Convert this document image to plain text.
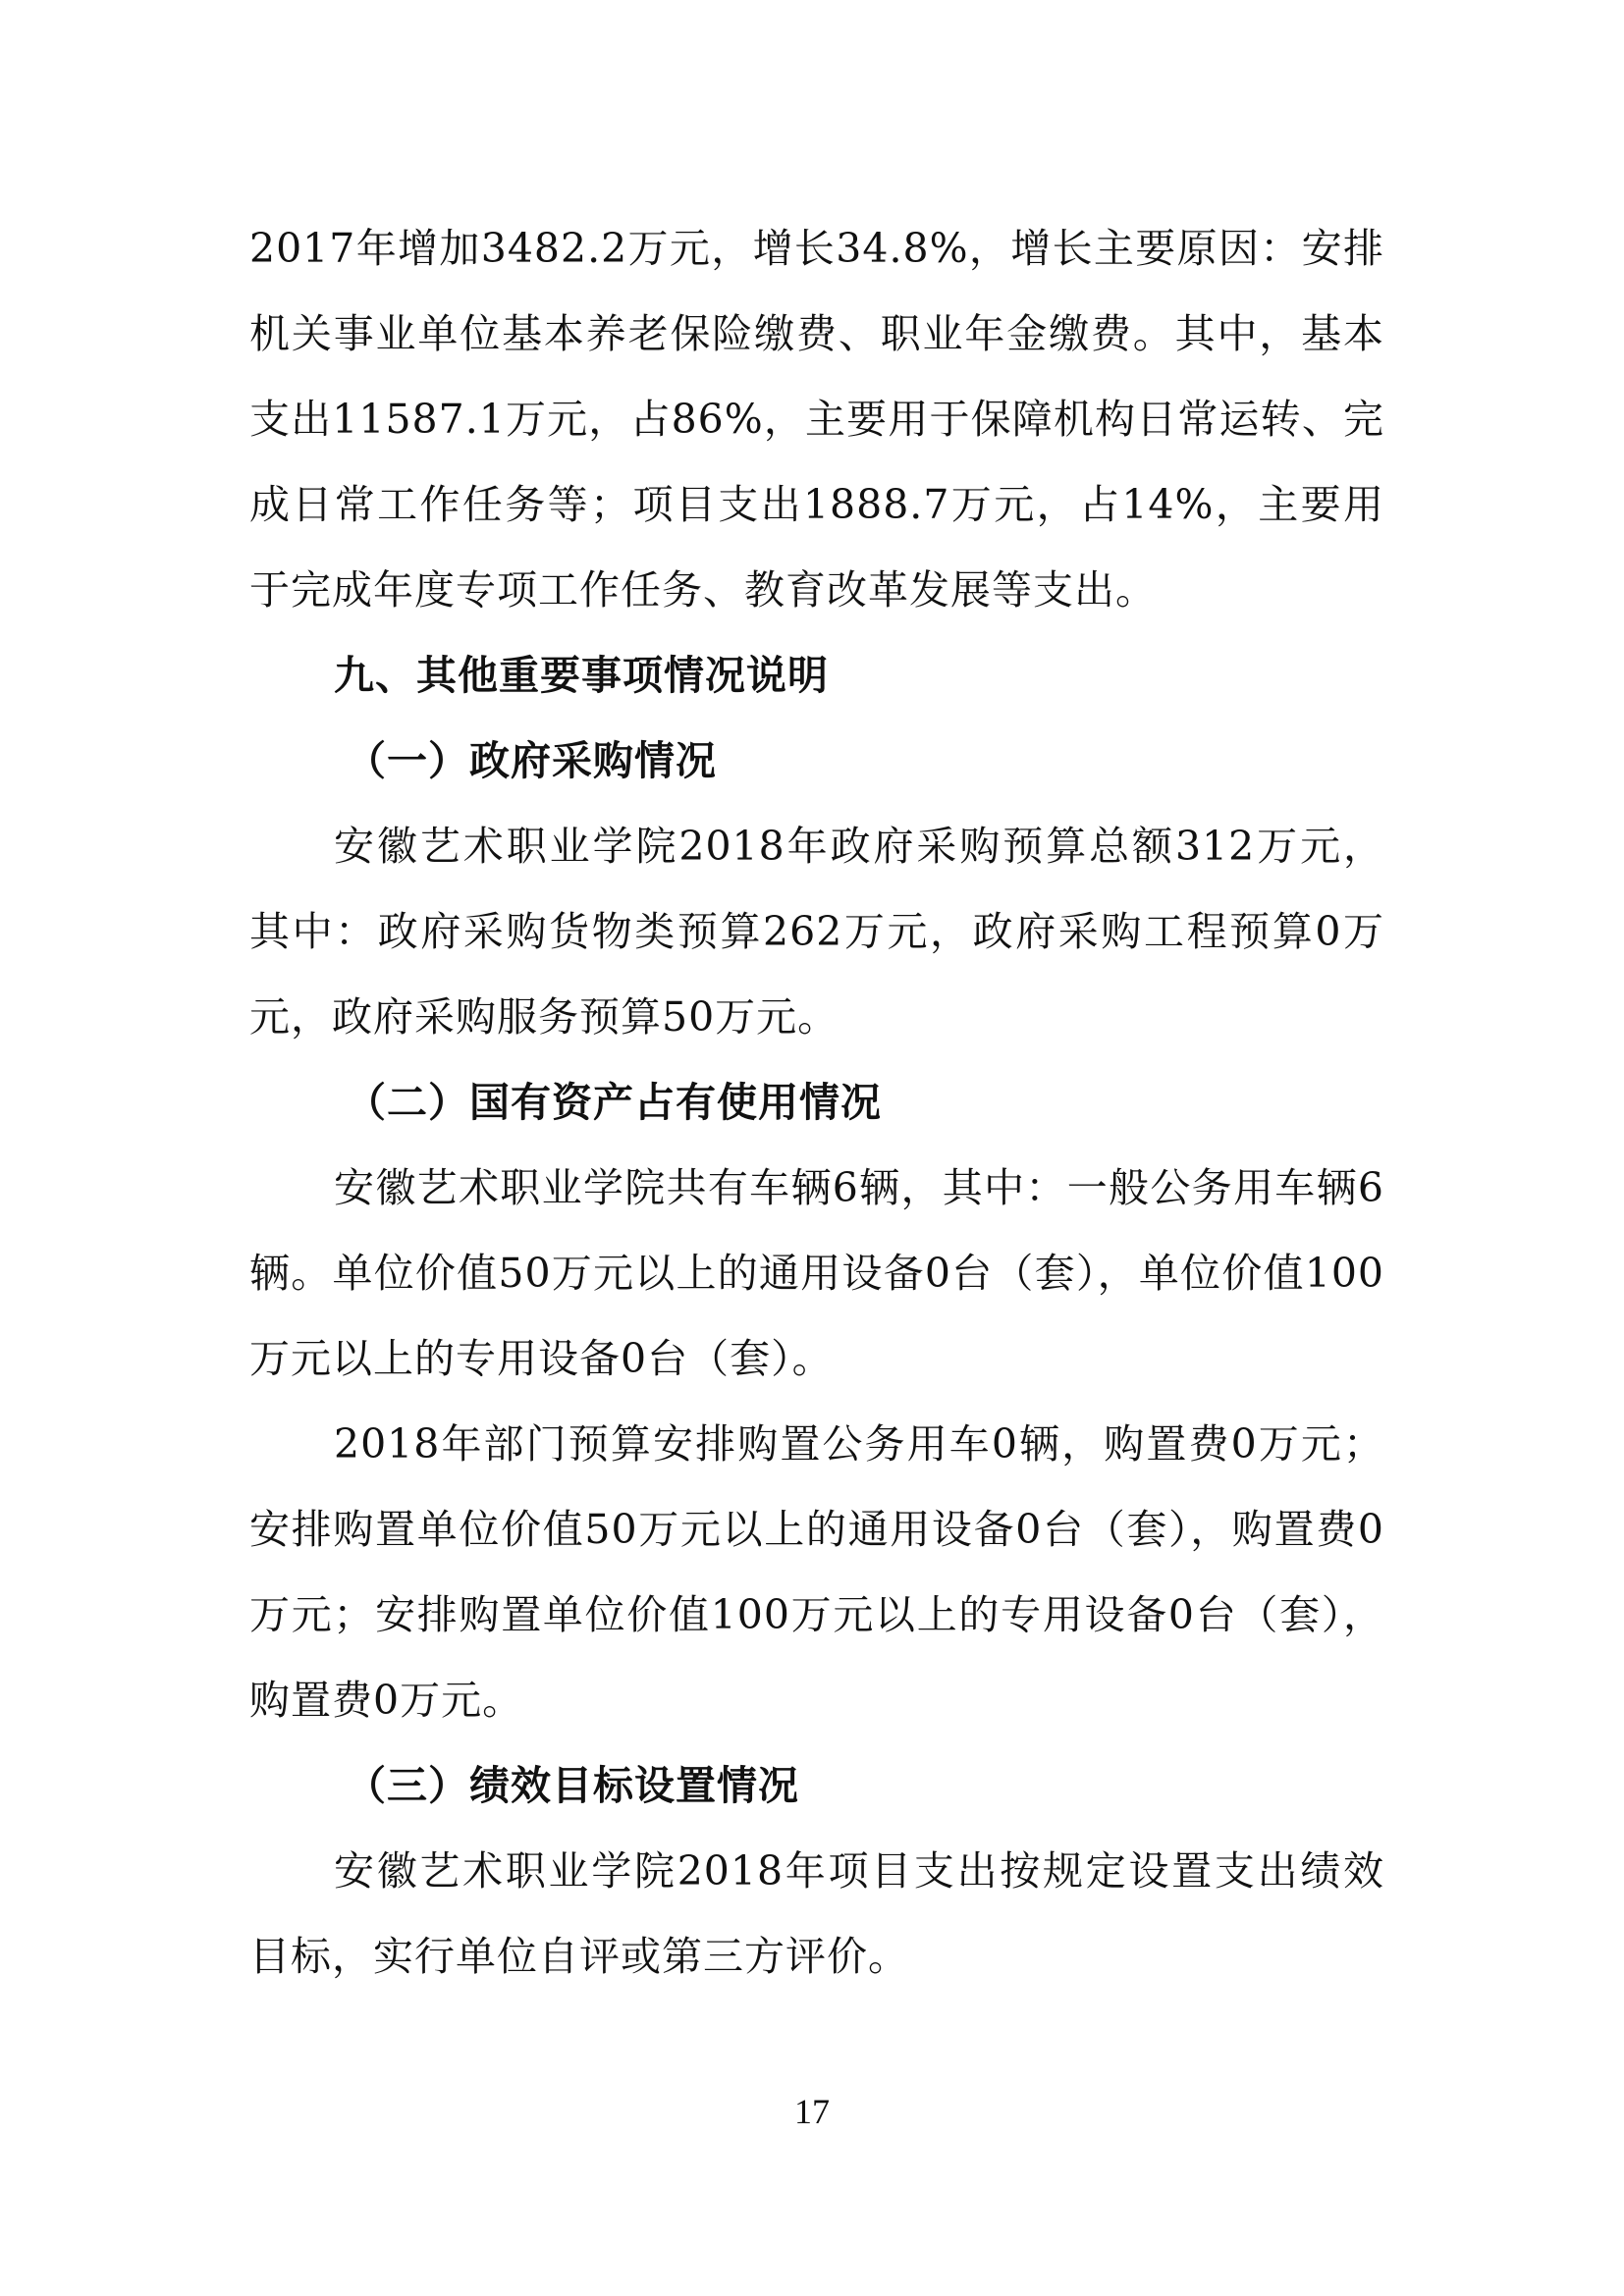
2017年增加3482.2万元，增长34.8%，增长主要原因：安排机关事业单位基本养老保险缴费、职业年金缴费。其中，基本支出11587.1万元，占86%，主要用于保障机构日常运转、完成日常工作任务等；项目支出1888.7万元，占14%，主要用于完成年度专项工作任务、教育改革发展等支出。

九、其他重要事项情况说明

（一）政府采购情况

安徽艺术职业学院2018年政府采购预算总额312万元，其中：政府采购货物类预算262万元，政府采购工程预算0万元，政府采购服务预算50万元。

（二）国有资产占有使用情况

安徽艺术职业学院共有车辆6辆，其中：一般公务用车辆6辆。单位价值50万元以上的通用设备0台（套），单位价值100万元以上的专用设备0台（套）。

2018年部门预算安排购置公务用车0辆，购置费0万元；安排购置单位价值50万元以上的通用设备0台（套），购置费0万元；安排购置单位价值100万元以上的专用设备0台（套），购置费0万元。

（三）绩效目标设置情况

安徽艺术职业学院2018年项目支出按规定设置支出绩效目标，实行单位自评或第三方评价。

17
